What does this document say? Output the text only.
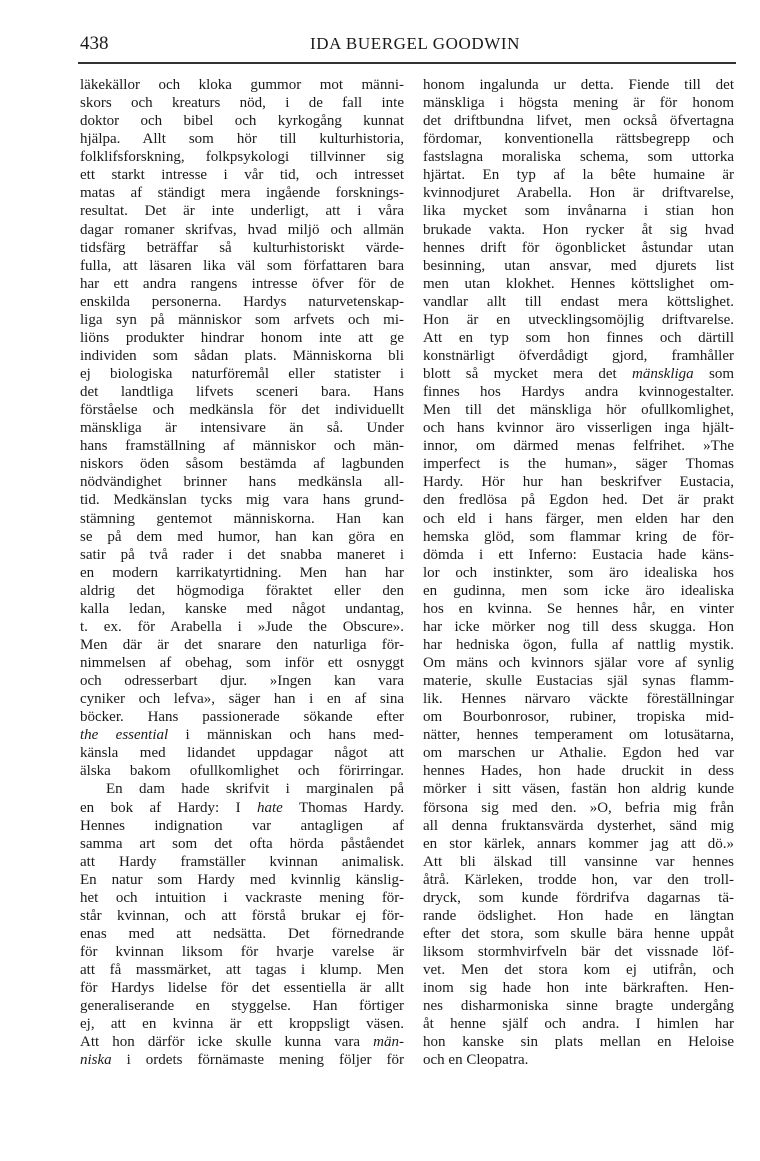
438	IDA BUERGEL GOODWIN
läkekällor och kloka gummor mot männi-
skors och kreaturs nöd, i de fall inte
doktor och bibel och kyrkogång kunnat
hjälpa. Allt som hör till kulturhistoria,
folklifsforskning, folkpsykologi tillvinner sig
ett starkt intresse i vår tid, och intresset
matas af ständigt mera ingående forsknings-
resultat. Det är inte underligt, att i våra
dagar romaner skrifvas, hvad miljö och allmän
tidsfärg beträffar så kulturhistoriskt värde-
fulla, att läsaren lika väl som författaren bara
har ett andra rangens intresse öfver för de
enskilda personerna. Hardys naturvetenskap-
liga syn på människor som arfvets och mi-
liöns produkter hindrar honom inte att ge
individen som sådan plats. Människorna bli
ej biologiska naturföremål eller statister i
det landtliga lifvets sceneri bara. Hans
förståelse och medkänsla för det individuellt
mänskliga är intensivare än så. Under
hans framställning af människor och män-
niskors öden såsom bestämda af lagbunden
nödvändighet brinner hans medkänsla all-
tid. Medkänslan tycks mig vara hans grund-
stämning gentemot människorna. Han kan
se på dem med humor, han kan göra en
satir på två rader i det snabba maneret i
en modern karrikatyrtidning. Men han har
aldrig det högmodiga föraktet eller den
kalla ledan, kanske med något undantag,
t. ex. för Arabella i »Jude the Obscure».
Men där är det snarare den naturliga för-
nimmelsen af obehag, som inför ett osnyggt
och odresserbart djur. »Ingen kan vara
cyniker och lefva», säger han i en af sina
böcker. Hans passionerade sökande efter
the essential i människan och hans med-
känsla med lidandet uppdagar något att
älska bakom ofullkomlighet och förirringar.
En dam hade skrifvit i marginalen på
en bok af Hardy: I hate Thomas Hardy.
Hennes indignation var antagligen af
samma art som det ofta hörda påståendet
att Hardy framställer kvinnan animalisk.
En natur som Hardy med kvinnlig känslig-
het och intuition i vackraste mening för-
står kvinnan, och att förstå brukar ej för-
enas med att nedsätta. Det förnedrande
för kvinnan liksom för hvarje varelse är
att få massmärket, att tagas i klump. Men
för Hardys lidelse för det essentiella är allt
generaliserande en styggelse. Han förtiger
ej, att en kvinna är ett kroppsligt väsen.
Att hon därför icke skulle kunna vara män-
niska i ordets förnämaste mening följer för
honom ingalunda ur detta. Fiende till det
mänskliga i högsta mening är för honom
det driftbundna lifvet, men också öfvertagna
fördomar, konventionella rättsbegrepp och
fastslagna moraliska schema, som uttorka
hjärtat. En typ af la bête humaine är
kvinnodjuret Arabella. Hon är driftvarelse,
lika mycket som invånarna i stian hon
brukade vakta. Hon rycker åt sig hvad
hennes drift för ögonblicket åstundar utan
besinning, utan ansvar, med djurets list
men utan klokhet. Hennes köttslighet om-
vandlar allt till endast mera köttslighet.
Hon är en utvecklingsomöjlig driftvarelse.
Att en typ som hon finnes och därtill
konstnärligt öfverdådigt gjord, framhåller
blott så mycket mera det mänskliga som
finnes hos Hardys andra kvinnogestalter.
Men till det mänskliga hör ofullkomlighet,
och hans kvinnor äro visserligen inga hjält-
innor, om därmed menas felfrihet. »The
imperfect is the human», säger Thomas
Hardy. Hör hur han beskrifver Eustacia,
den fredlösa på Egdon hed. Det är prakt
och eld i hans färger, men elden har den
hemska glöd, som flammar kring de för-
dömda i ett Inferno: Eustacia hade käns-
lor och instinkter, som äro idealiska hos
en gudinna, men som icke äro idealiska
hos en kvinna. Se hennes hår, en vinter
har icke mörker nog till dess skugga. Hon
har hedniska ögon, fulla af nattlig mystik.
Om mäns och kvinnors själar vore af synlig
materie, skulle Eustacias själ synas flamm-
lik. Hennes närvaro väckte föreställningar
om Bourbonrosor, rubiner, tropiska mid-
nätter, hennes temperament om lotusätarna,
om marschen ur Athalie. Egdon hed var
hennes Hades, hon hade druckit in dess
mörker i sitt väsen, fastän hon aldrig kunde
försona sig med den. »O, befria mig från
all denna fruktansvärda dysterhet, sänd mig
en stor kärlek, annars kommer jag att dö.»
Att bli älskad till vansinne var hennes
åtrå. Kärleken, trodde hon, var den troll-
dryck, som kunde fördrifva dagarnas tä-
rande ödslighet. Hon hade en längtan
efter det stora, som skulle bära henne uppåt
liksom stormhvirfveln bär det vissnade löf-
vet. Men det stora kom ej utifrån, och
inom sig hade hon inte bärkraften. Hen-
nes disharmoniska sinne bragte undergång
åt henne själf och andra. I himlen har
hon kanske sin plats mellan en Heloise
och en Cleopatra.
